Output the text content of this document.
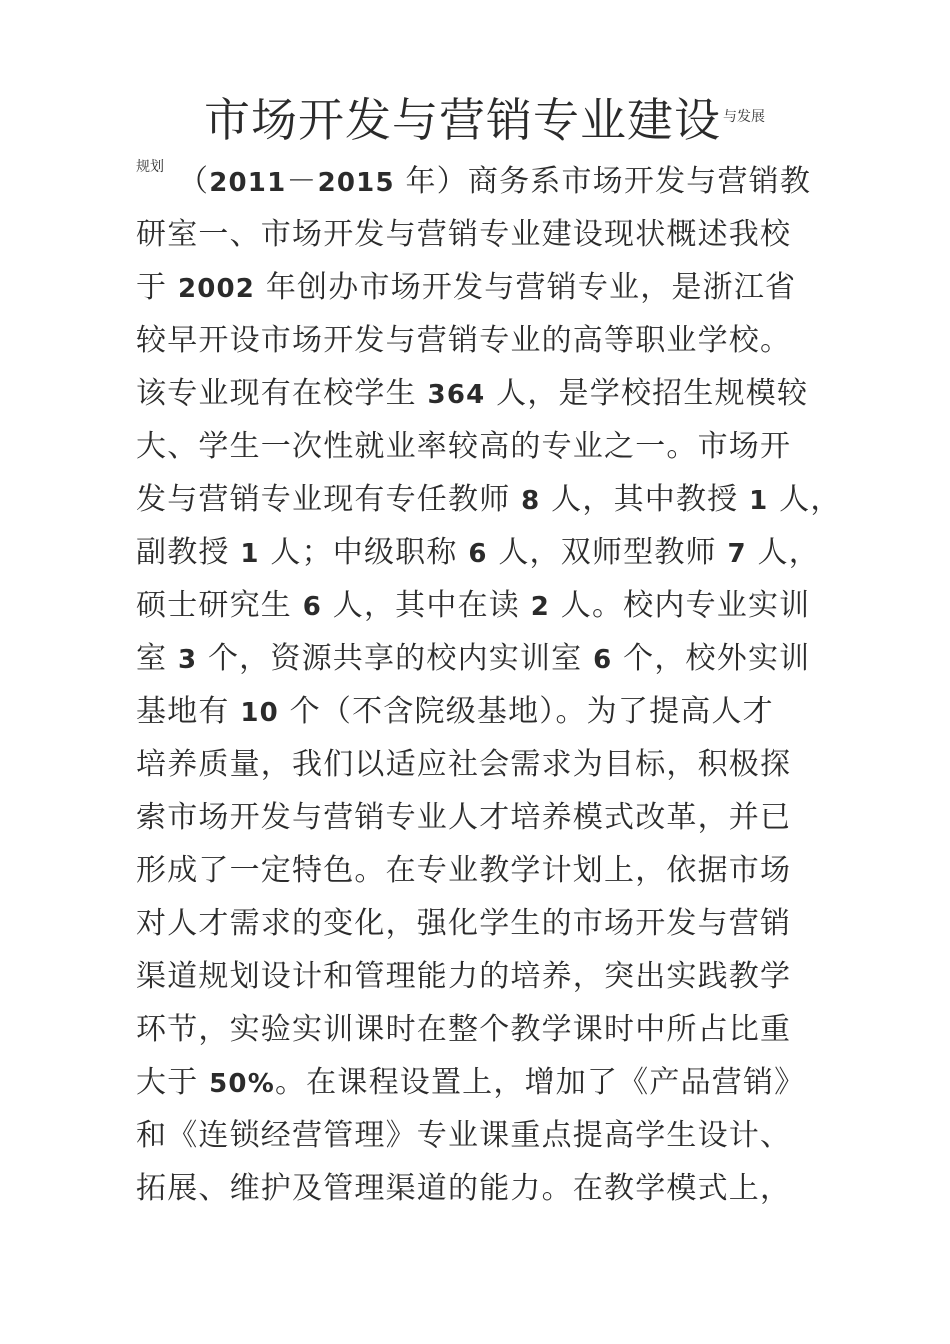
市场开发与营销专业建设 与发展
规划 （2011－2015 年）商务系市场开发与营销教
研室一、市场开发与营销专业建设现状概述我校
于 2002 年创办市场开发与营销专业，是浙江省
较早开设市场开发与营销专业的高等职业学校。
该专业现有在校学生 364 人，是学校招生规模较
大、学生一次性就业率较高的专业之一。市场开
发与营销专业现有专任教师 8 人，其中教授 1 人，
副教授 1 人；中级职称 6 人，双师型教师 7 人，
硕士研究生 6 人，其中在读 2 人。校内专业实训
室 3 个，资源共享的校内实训室 6 个，校外实训
基地有 10 个（不含院级基地）。为了提高人才
培养质量，我们以适应社会需求为目标，积极探
索市场开发与营销专业人才培养模式改革，并已
形成了一定特色。在专业教学计划上，依据市场
对人才需求的变化，强化学生的市场开发与营销
渠道规划设计和管理能力的培养，突出实践教学
环节，实验实训课时在整个教学课时中所占比重
大于 50%。在课程设置上，增加了《产品营销》
和《连锁经营管理》专业课重点提高学生设计、
拓展、维护及管理渠道的能力。在教学模式上，
